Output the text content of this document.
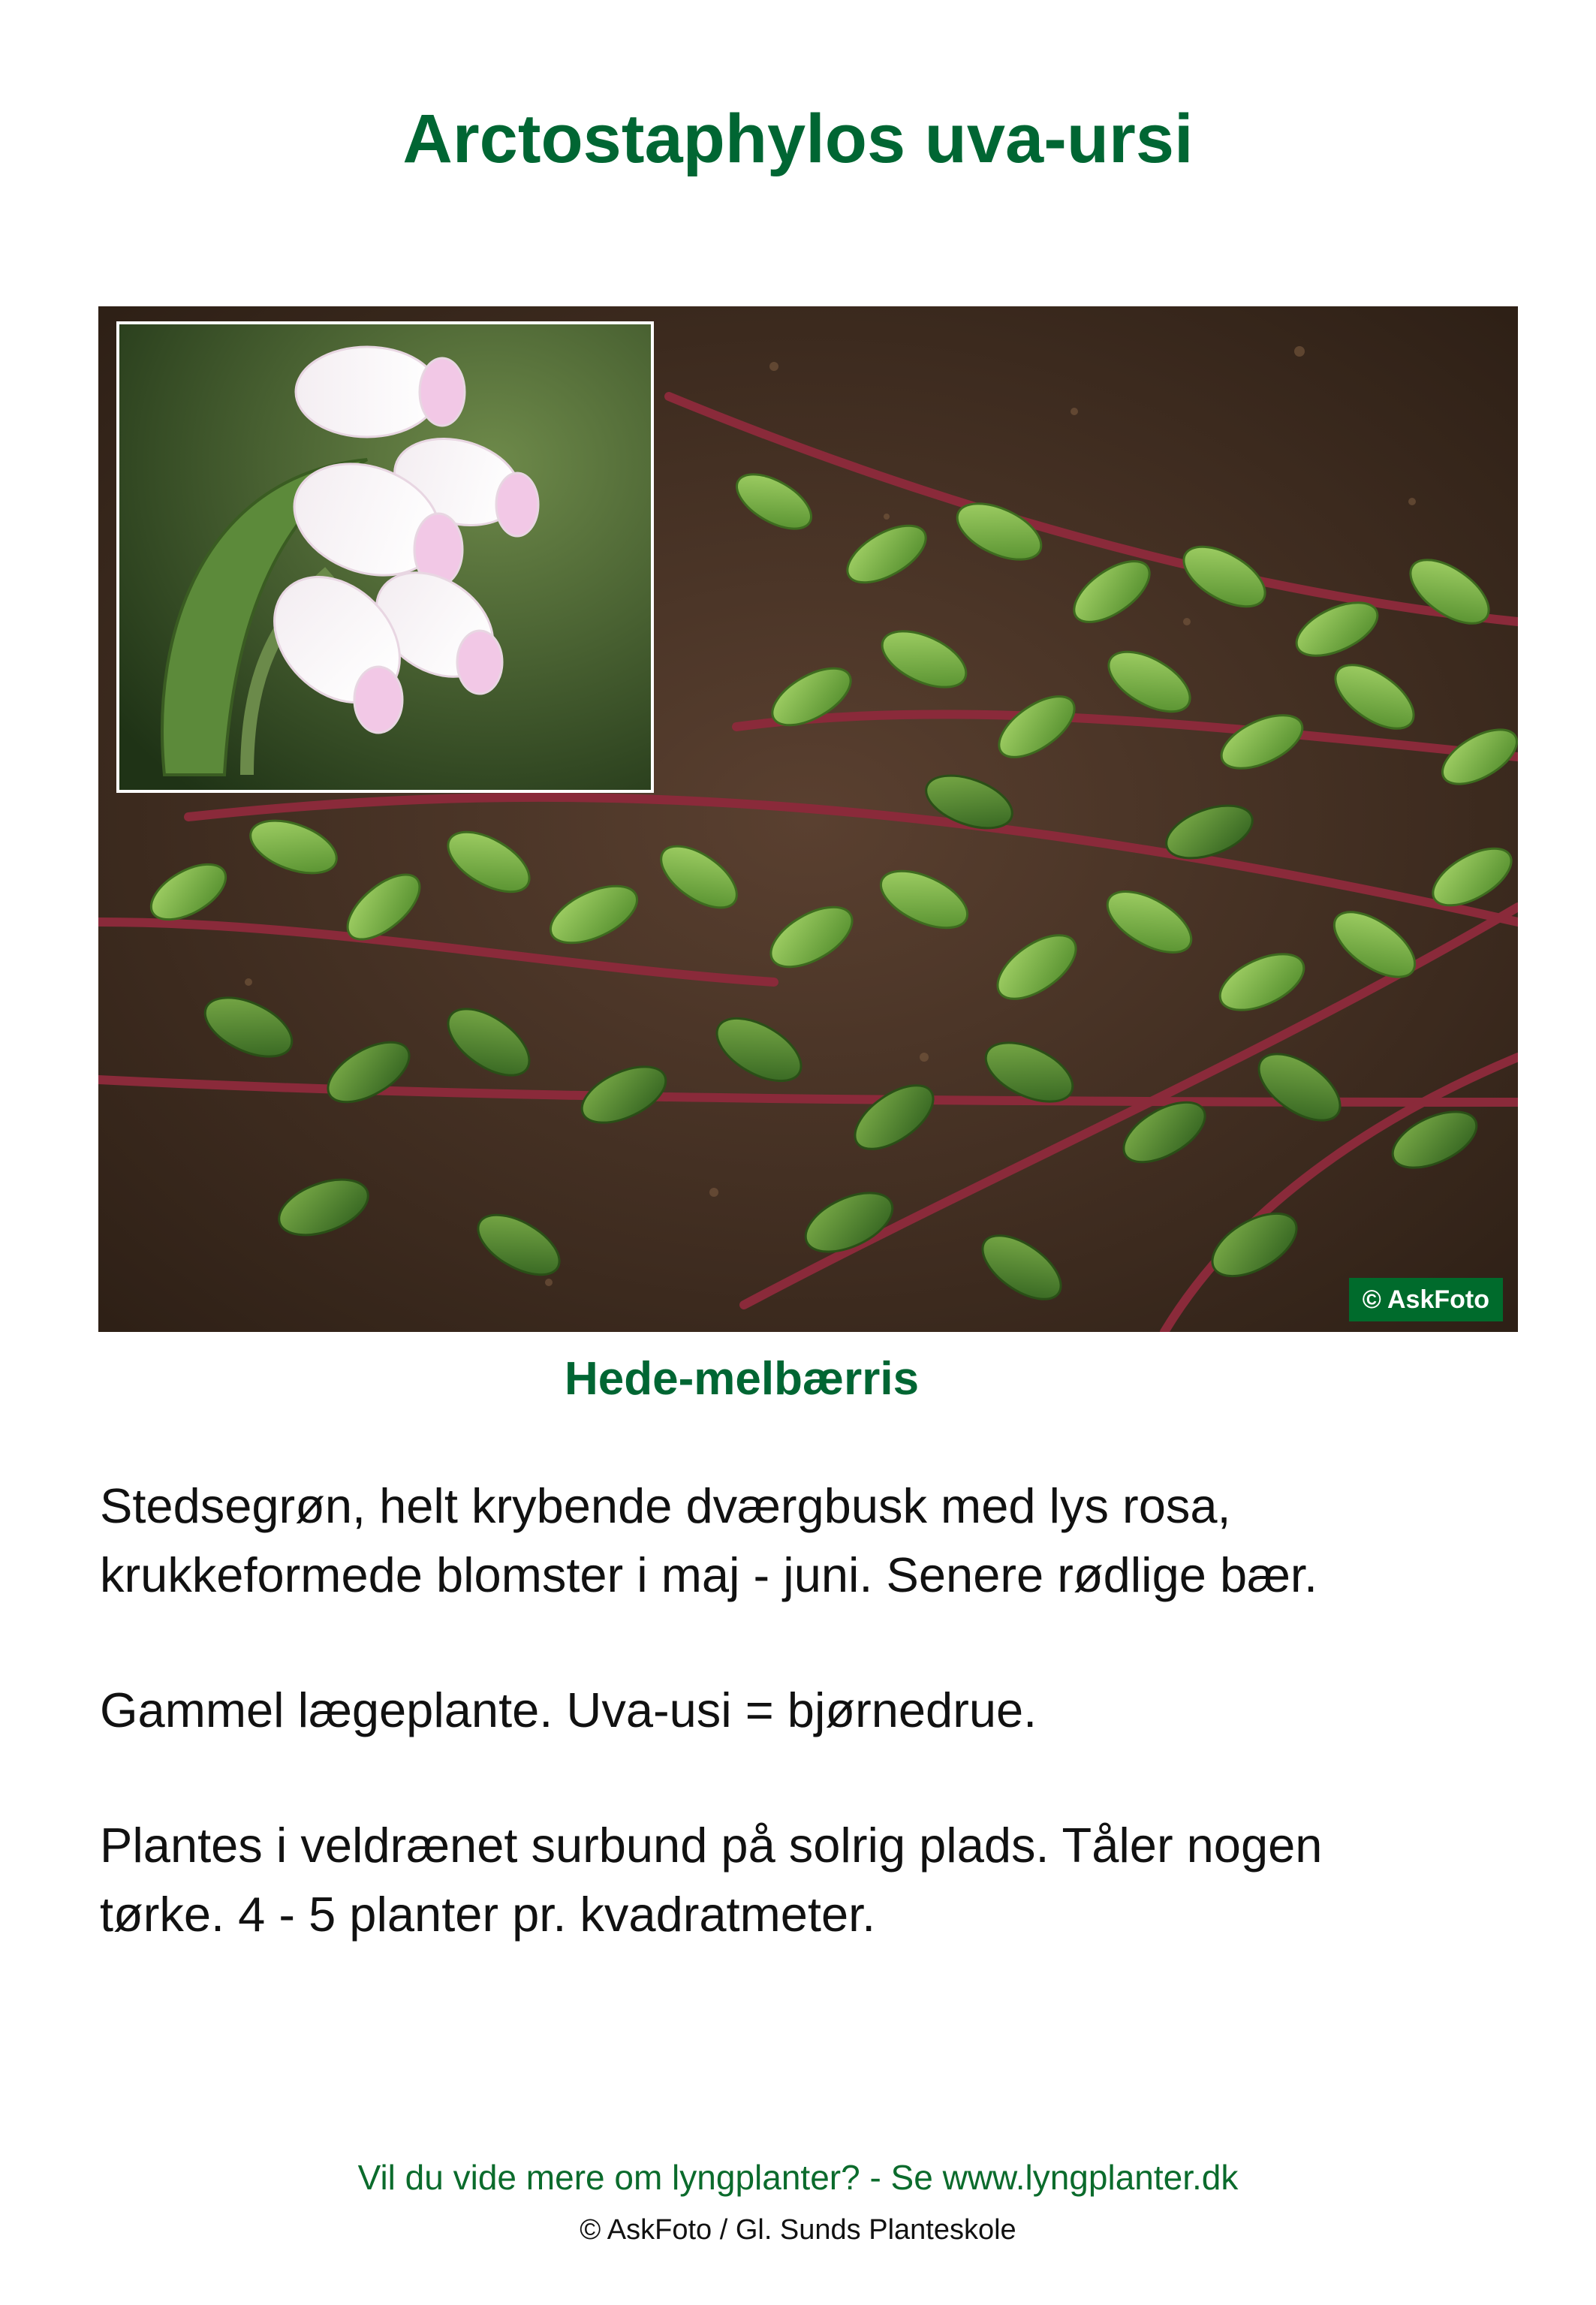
Arctostaphylos uva-ursi
© AskFoto
Hede-melbærris

Stedsegrøn, helt krybende dværgbusk med lys rosa,
krukkeformede blomster i maj - juni. Senere rødlige bær.

Gammel lægeplante. Uva-usi = bjørnedrue.

Plantes i veldrænet surbund på solrig plads. Tåler nogen
tørke. 4 - 5 planter pr. kvadratmeter.

Vil du vide mere om lyngplanter? - Se www.lyngplanter.dk
© AskFoto / Gl. Sunds Planteskole
